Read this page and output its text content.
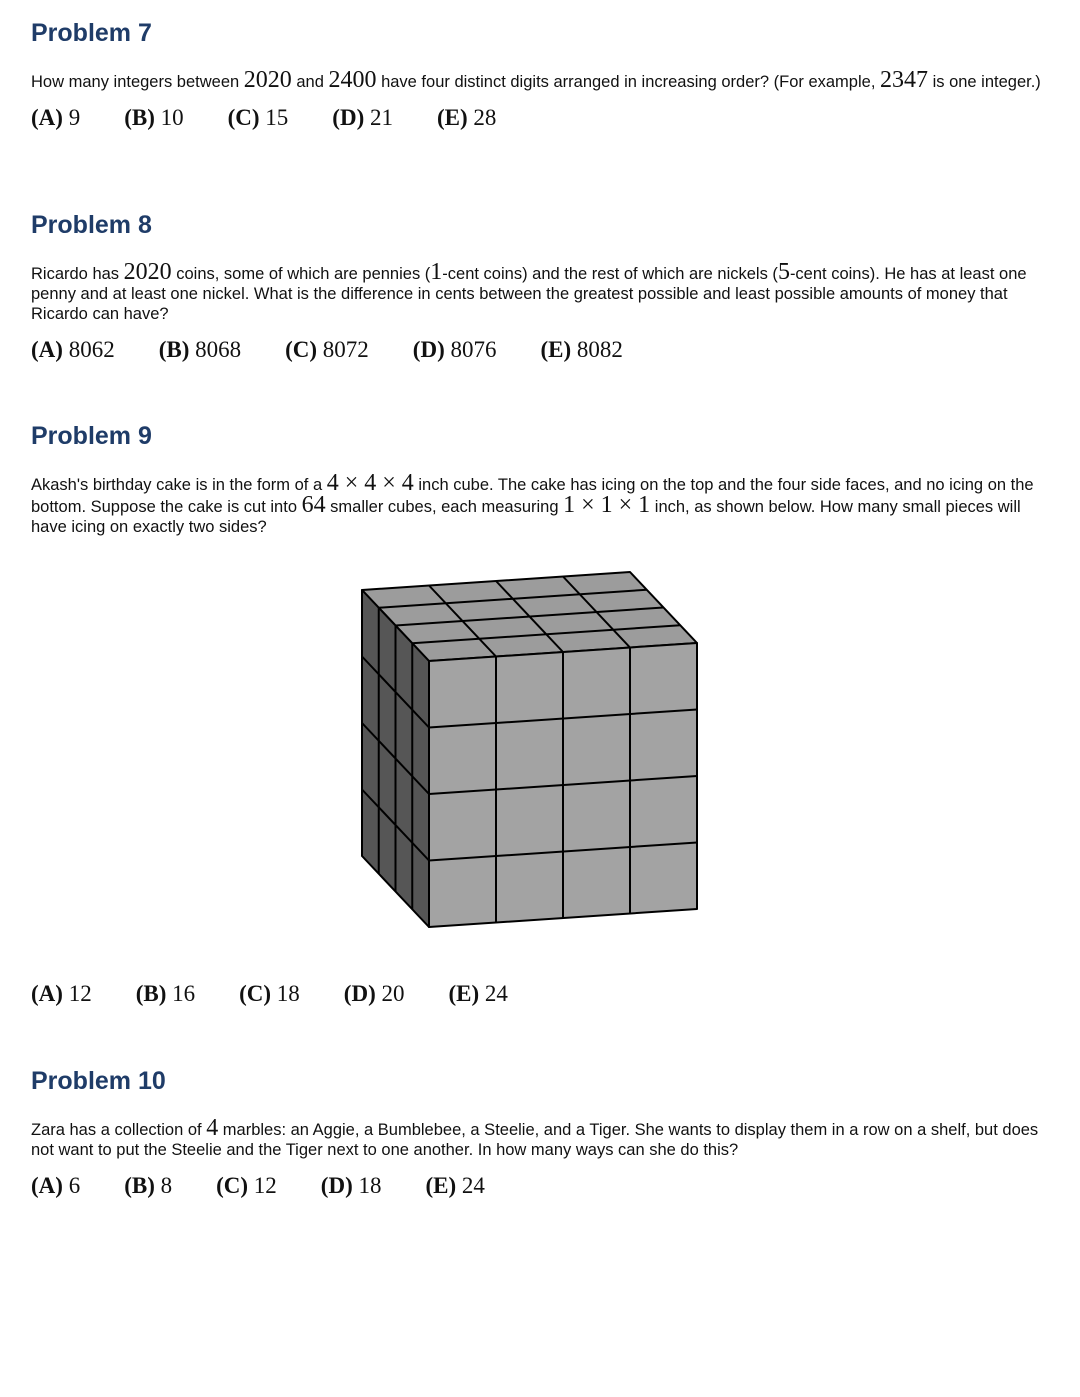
Problem 7

How many integers between 2020 and 2400 have four distinct digits arranged in increasing order? (For example, 2347 is one integer.)

(A) 9 (B) 10 (C) 15 (D) 21 (E) 28
Problem 8

Ricardo has 2020 coins, some of which are pennies (1-cent coins) and the rest of which are nickels (5-cent coins). He has at least one penny and at least one nickel. What is the difference in cents between the greatest possible and least possible amounts of money that Ricardo can have?

(A) 8062 (B) 8068 (C) 8072 (D) 8076 (E) 8082
Problem 9

Akash's birthday cake is in the form of a 4 × 4 × 4 inch cube. The cake has icing on the top and the four side faces, and no icing on the bottom. Suppose the cake is cut into 64 smaller cubes, each measuring 1 × 1 × 1 inch, as shown below. How many small pieces will have icing on exactly two sides?

(A) 12 (B) 16 (C) 18 (D) 20 (E) 24
Problem 10

Zara has a collection of 4 marbles: an Aggie, a Bumblebee, a Steelie, and a Tiger. She wants to display them in a row on a shelf, but does not want to put the Steelie and the Tiger next to one another. In how many ways can she do this?

(A) 6 (B) 8 (C) 12 (D) 18 (E) 24
